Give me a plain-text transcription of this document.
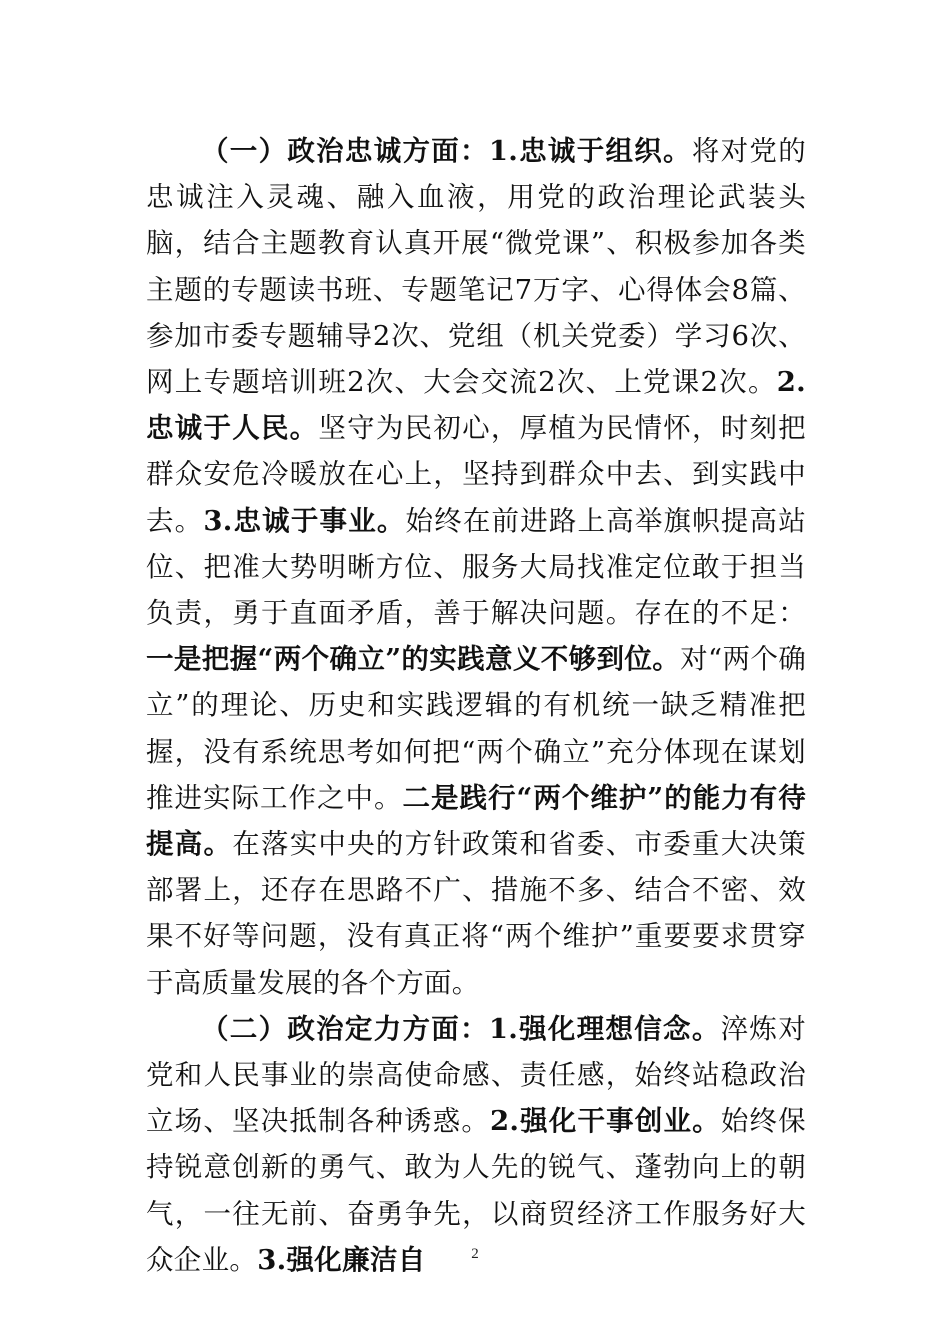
（一）政治忠诚方面：1.忠诚于组织。将对党的忠诚注入灵魂、融入血液，用党的政治理论武装头脑，结合主题教育认真开展“微党课”、积极参加各类主题的专题读书班、专题笔记7万字、心得体会8篇、参加市委专题辅导2次、党组（机关党委）学习6次、网上专题培训班2次、大会交流2次、上党课2次。2.忠诚于人民。坚守为民初心，厚植为民情怀，时刻把群众安危冷暖放在心上，坚持到群众中去、到实践中去。3.忠诚于事业。始终在前进路上高举旗帜提高站位、把准大势明晰方位、服务大局找准定位敢于担当负责，勇于直面矛盾，善于解决问题。存在的不足：一是把握“两个确立”的实践意义不够到位。对“两个确立”的理论、历史和实践逻辑的有机统一缺乏精准把握，没有系统思考如何把“两个确立”充分体现在谋划推进实际工作之中。二是践行“两个维护”的能力有待提高。在落实中央的方针政策和省委、市委重大决策部署上，还存在思路不广、措施不多、结合不密、效果不好等问题，没有真正将“两个维护”重要要求贯穿于高质量发展的各个方面。

（二）政治定力方面：1.强化理想信念。淬炼对党和人民事业的崇高使命感、责任感，始终站稳政治立场、坚决抵制各种诱惑。2.强化干事创业。始终保持锐意创新的勇气、敢为人先的锐气、蓬勃向上的朝气，一往无前、奋勇争先，以商贸经济工作服务好大众企业。3.强化廉洁自	2
